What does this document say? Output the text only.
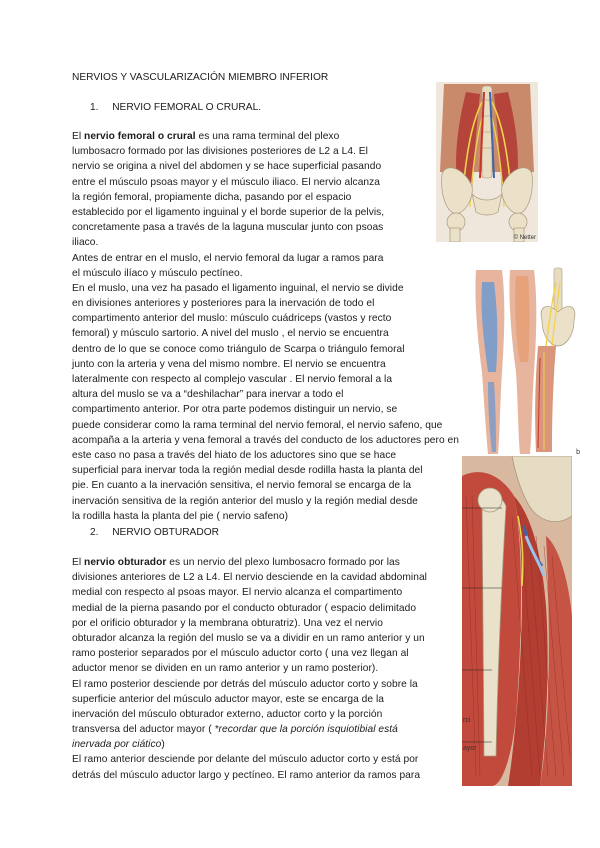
NERVIOS Y VASCULARIZACIÓN MIEMBRO INFERIOR
1. NERVIO FEMORAL O CRURAL.
El nervio femoral o crural es una rama terminal del plexo
lumbosacro formado por las divisiones posteriores de L2 a L4. El
nervio se origina a nivel del abdomen y se hace superficial pasando
entre el músculo psoas mayor y el músculo iliaco. El nervio alcanza
la región femoral, propiamente dicha, pasando por el espacio
establecido por el ligamento inguinal y el borde superior de la pelvis,
concretamente pasa a través de la laguna muscular junto con psoas
iliaco.
Antes de entrar en el muslo, el nervio femoral da lugar a ramos para
el músculo ilíaco y músculo pectíneo.
En el muslo, una vez ha pasado el ligamento inguinal, el nervio se divide
en divisiones anteriores y posteriores para la inervación de todo el
compartimento anterior del muslo: músculo cuádriceps (vastos y recto
femoral) y músculo sartorio. A nivel del muslo , el nervio se encuentra
dentro de lo que se conoce como triángulo de Scarpa o triángulo femoral
junto con la arteria y vena del mismo nombre. El nervio se encuentra
lateralmente con respecto al complejo vascular . El nervio femoral a la
altura del muslo se va a “deshilachar” para inervar a todo el
compartimento anterior. Por otra parte podemos distinguir un nervio, se
puede considerar como la rama terminal del nervio femoral, el nervio safeno, que
acompaña a la arteria y vena femoral a través del conducto de los aductores pero en
este caso no pasa a través del hiato de los aductores sino que se hace
superficial para inervar toda la región medial desde rodilla hasta la planta del
pie. En cuanto a la inervación sensitiva, el nervio femoral se encarga de la
inervación sensitiva de la región anterior del muslo y la región medial desde
la rodilla hasta la planta del pie ( nervio safeno)
2. NERVIO OBTURADOR
El nervio obturador es un nervio del plexo lumbosacro formado por las
divisiones anteriores de L2 a L4. El nervio desciende en la cavidad abdominal
medial con respecto al psoas mayor. El nervio alcanza el compartimento
medial de la pierna pasando por el conducto obturador ( espacio delimitado
por el orificio obturador y la membrana obturatriz). Una vez el nervio
obturador alcanza la región del muslo se va a dividir en un ramo anterior y un
ramo posterior separados por el músculo aductor corto ( una vez llegan al
aductor menor se dividen en un ramo anterior y un ramo posterior).
El ramo posterior desciende por detrás del músculo aductor corto y sobre la
superficie anterior del músculo aductor mayor, este se encarga de la
inervación del músculo obturador externo, aductor corto y la porción
transversa del aductor mayor ( *recordar que la porción isquiotibial está
inervada por ciático)
El ramo anterior desciende por delante del músculo aductor corto y está por
detrás del músculo aductor largo y pectíneo. El ramo anterior da ramos para
© Netter
b
rci
ayor
